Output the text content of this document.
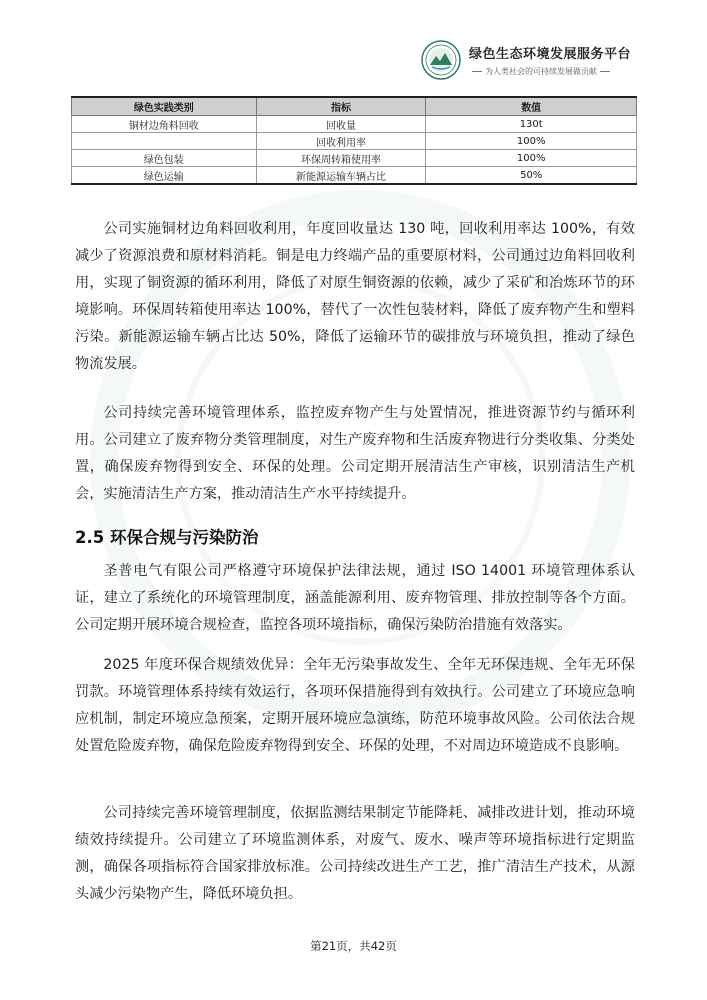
绿色生态环境发展服务平台
为人类社会的可持续发展做贡献
绿色实践类别	指标	数值
铜材边角料回收	回收量	130t
	回收利用率	100%
绿色包装	环保周转箱使用率	100%
绿色运输	新能源运输车辆占比	50%

公司实施铜材边角料回收利用，年度回收量达 130 吨，回收利用率达 100%，有效减少了资源浪费和原材料消耗。铜是电力终端产品的重要原材料，公司通过边角料回收利用，实现了铜资源的循环利用，降低了对原生铜资源的依赖，减少了采矿和冶炼环节的环境影响。环保周转箱使用率达 100%，替代了一次性包装材料，降低了废弃物产生和塑料污染。新能源运输车辆占比达 50%，降低了运输环节的碳排放与环境负担，推动了绿色物流发展。

公司持续完善环境管理体系，监控废弃物产生与处置情况，推进资源节约与循环利用。公司建立了废弃物分类管理制度，对生产废弃物和生活废弃物进行分类收集、分类处置，确保废弃物得到安全、环保的处理。公司定期开展清洁生产审核，识别清洁生产机会，实施清洁生产方案，推动清洁生产水平持续提升。

2.5 环保合规与污染防治

圣普电气有限公司严格遵守环境保护法律法规，通过 ISO 14001 环境管理体系认证，建立了系统化的环境管理制度，涵盖能源利用、废弃物管理、排放控制等各个方面。公司定期开展环境合规检查，监控各项环境指标，确保污染防治措施有效落实。

2025 年度环保合规绩效优异：全年无污染事故发生、全年无环保违规、全年无环保罚款。环境管理体系持续有效运行，各项环保措施得到有效执行。公司建立了环境应急响应机制，制定环境应急预案，定期开展环境应急演练，防范环境事故风险。公司依法合规处置危险废弃物，确保危险废弃物得到安全、环保的处理，不对周边环境造成不良影响。

公司持续完善环境管理制度，依据监测结果制定节能降耗、减排改进计划，推动环境绩效持续提升。公司建立了环境监测体系，对废气、废水、噪声等环境指标进行定期监测，确保各项指标符合国家排放标准。公司持续改进生产工艺，推广清洁生产技术，从源头减少污染物产生，降低环境负担。

第21页，共42页
